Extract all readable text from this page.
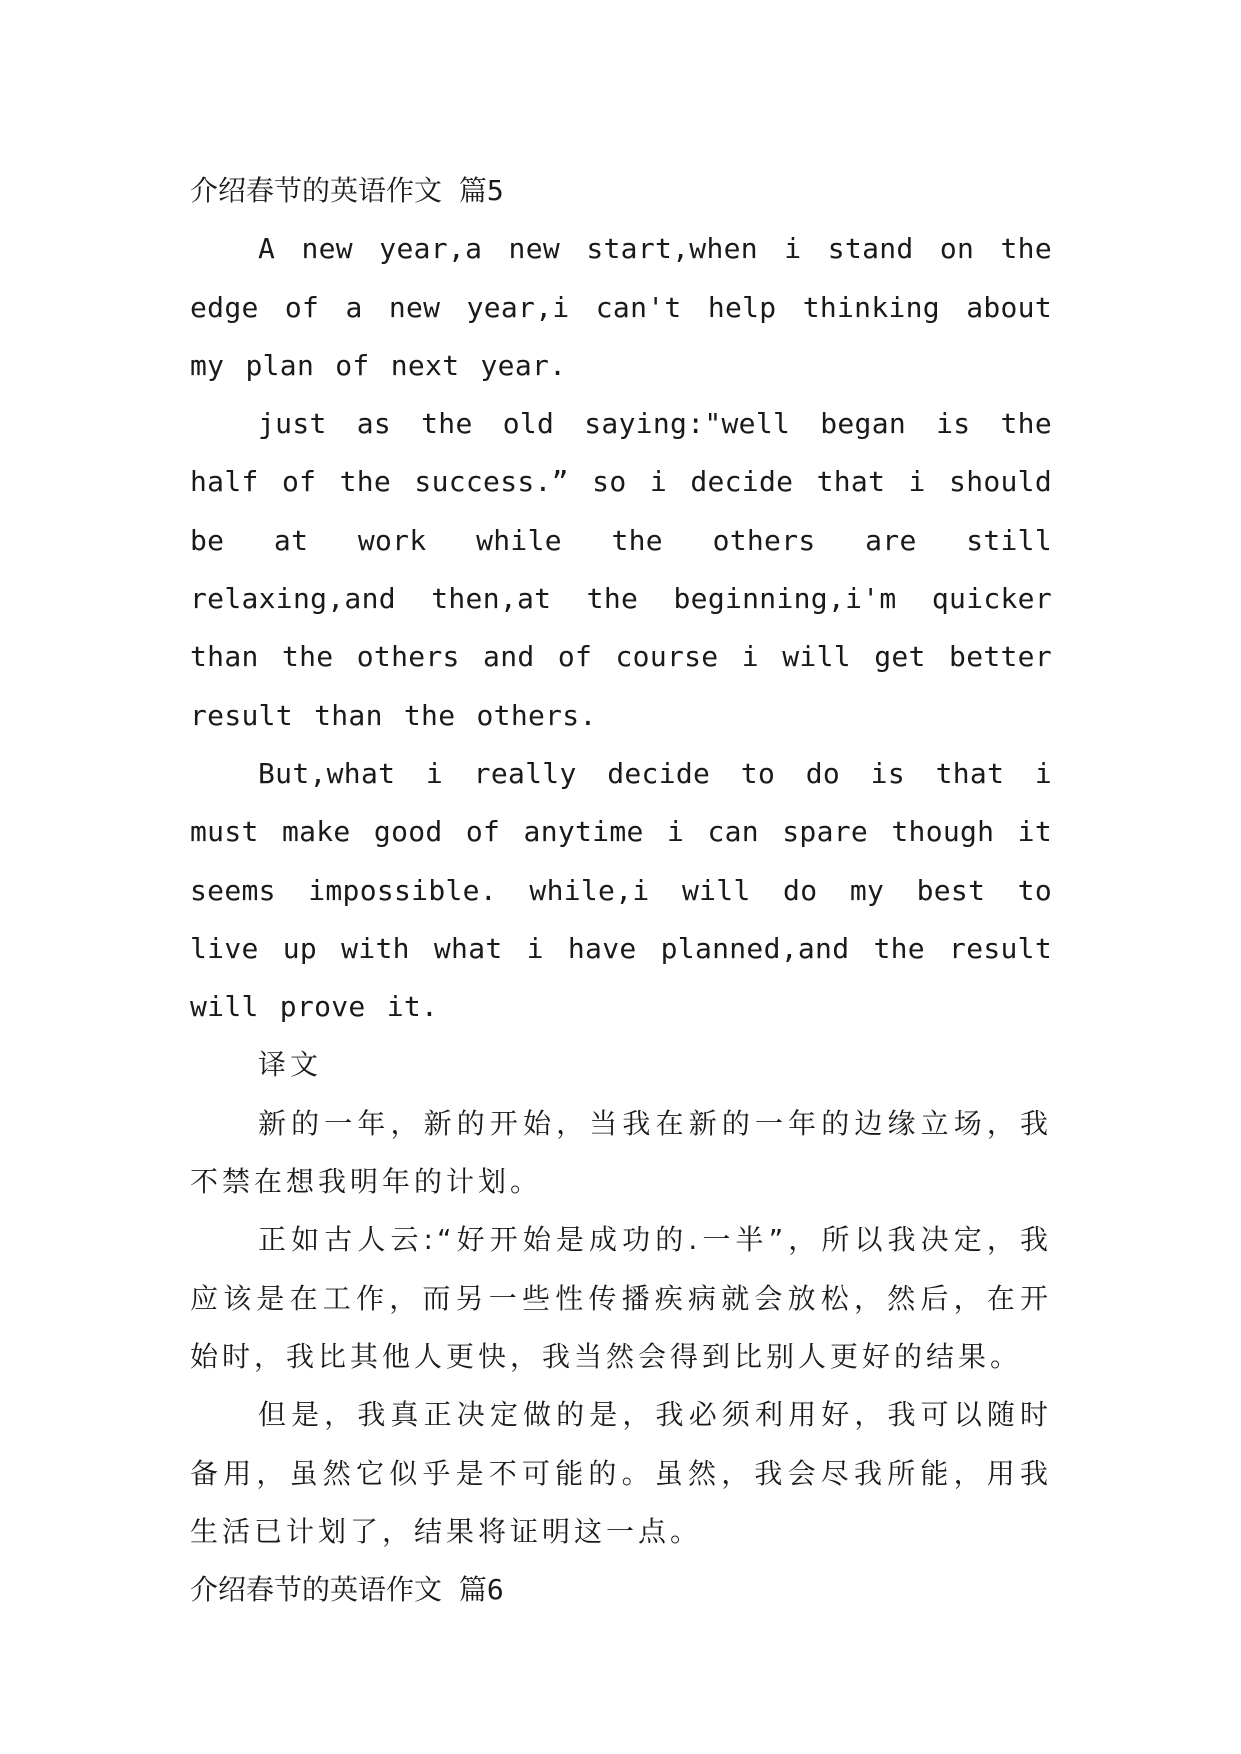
介绍春节的英语作文 篇5

A new year,a new start,when i stand on the edge of a new year,i can't help thinking about my plan of next year.

just as the old saying:"well began is the half of the success.” so i decide that i should be at work while the others are still relaxing,and then,at the beginning,i'm quicker than the others and of course i will get better result than the others.

But,what i really decide to do is that i must make good of anytime i can spare though it seems impossible. while,i will do my best to live up with what i have planned,and the result will prove it.

译文

新的一年，新的开始，当我在新的一年的边缘立场，我不禁在想我明年的计划。

正如古人云:“好开始是成功的.一半”，所以我决定，我应该是在工作，而另一些性传播疾病就会放松，然后，在开始时，我比其他人更快，我当然会得到比别人更好的结果。

但是，我真正决定做的是，我必须利用好，我可以随时备用，虽然它似乎是不可能的。虽然，我会尽我所能，用我生活已计划了，结果将证明这一点。

介绍春节的英语作文 篇6
